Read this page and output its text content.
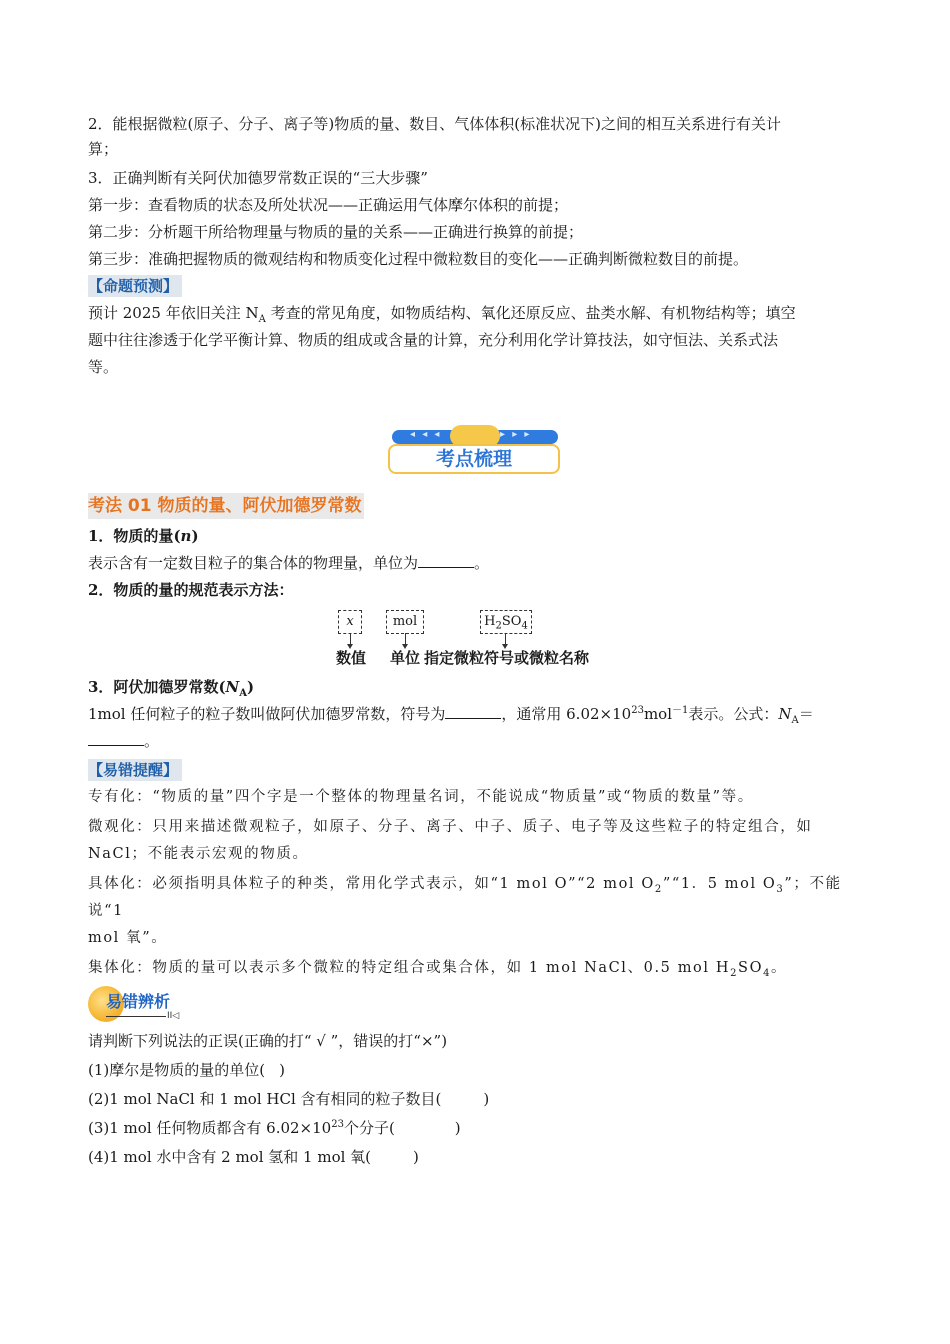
2．能根据微粒(原子、分子、离子等)物质的量、数目、气体体积(标准状况下)之间的相互关系进行有关计

算；

3．正确判断有关阿伏加德罗常数正误的“三大步骤”

第一步：查看物质的状态及所处状况——正确运用气体摩尔体积的前提；

第二步：分析题干所给物理量与物质的量的关系——正确进行换算的前提；

第三步：准确把握物质的微观结构和物质变化过程中微粒数目的变化——正确判断微粒数目的前提。

【命题预测】

预计 2025 年依旧关注 $N_A$ 考查的常见角度，如物质结构、氧化还原反应、盐类水解、有机物结构等；填空

题中往往渗透于化学平衡计算、物质的组成或含量的计算，充分利用化学计算技法，如守恒法、关系式法

等。

考法 01 物质的量、阿伏加德罗常数

1．物质的量(n)

表示含有一定数目粒子的集合体的物理量，单位为	。

2．物质的量的规范表示方法：

x
数值
mol
单位
$H_2SO_4$
指定微粒符号或微粒名称

3．阿伏加德罗常数$(N_A)$

1mol 任何粒子的粒子数叫做阿伏加德罗常数，符号为	，通常用 $6.02\times 10^{23}mol^{-1}$表示。公式：$N_A=$

。

【易错提醒】

专有化：“物质的量”四个字是一个整体的物理量名词，不能说成“物质量”或“物质的数量”等。

微观化：只用来描述微观粒子，如原子、分子、离子、中子、质子、电子等及这些粒子的特定组合，如

NaCl；不能表示宏观的物质。

具体化：必须指明具体粒子的种类，常用化学式表示，如“1 mol O”“2 mol $O_2”“1$．5 mol $O_3$”；不能说“1

mol 氧”。

集体化：物质的量可以表示多个微粒的特定组合或集合体，如 1 mol NaCl、0.5 mol $H_2SO_4$。

易错辨析
II◁

请判断下列说法的正误(正确的打“ √ ”，错误的打“×”)

(1)摩尔是物质的量的单位( )

(2)1 mol NaCl 和 1 mol HCl 含有相同的粒子数目(	)

(3)1 mol 任何物质都含有 $6.02\times 10^{23}$个分子(	)

(4)1 mol 水中含有 2 mol 氢和 1 mol 氧(	)

◂ ◂ ◂	▸ ▸ ▸
考点梳理
